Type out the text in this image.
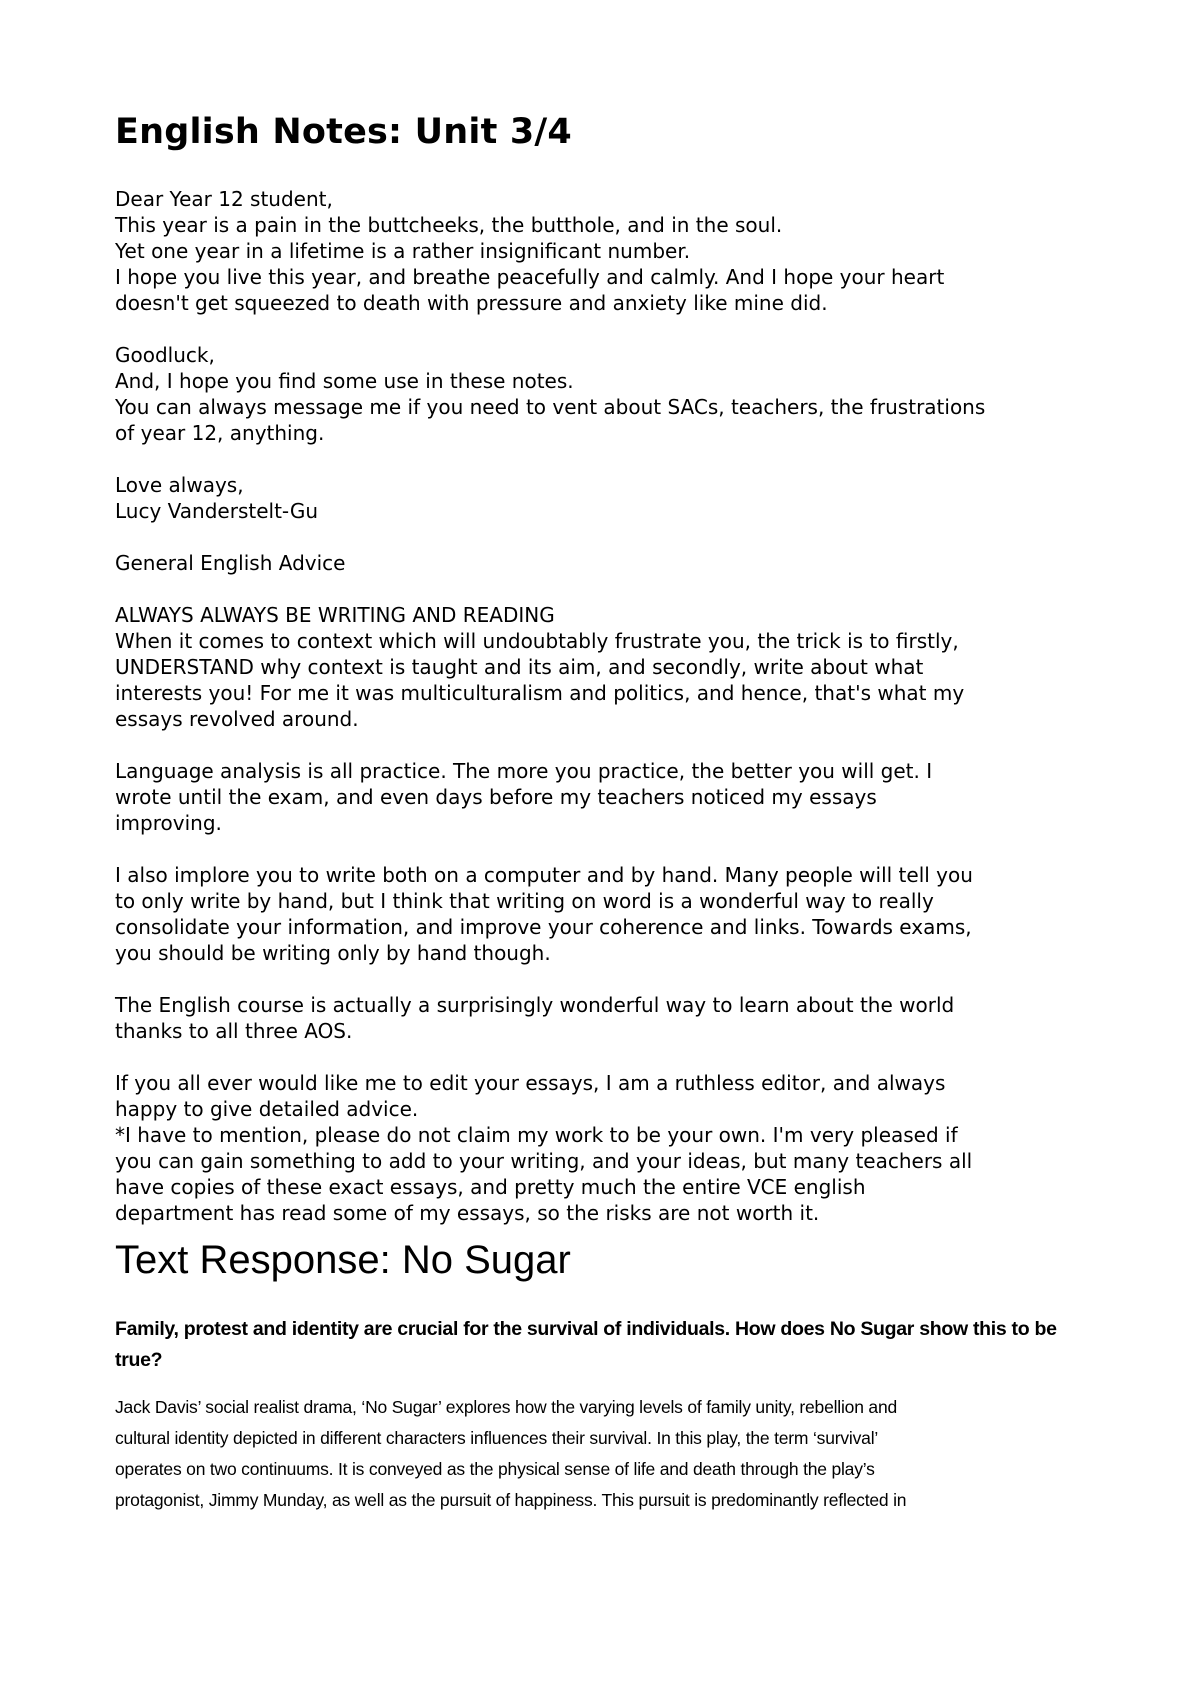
English Notes: Unit 3/4

Dear Year 12 student,
This year is a pain in the buttcheeks, the butthole, and in the soul.
Yet one year in a lifetime is a rather insignificant number.
I hope you live this year, and breathe peacefully and calmly. And I hope your heart
doesn't get squeezed to death with pressure and anxiety like mine did.

Goodluck,
And, I hope you find some use in these notes.
You can always message me if you need to vent about SACs, teachers, the frustrations
of year 12, anything.

Love always,
Lucy Vanderstelt-Gu

General English Advice

ALWAYS ALWAYS BE WRITING AND READING
When it comes to context which will undoubtably frustrate you, the trick is to firstly,
UNDERSTAND why context is taught and its aim, and secondly, write about what
interests you! For me it was multiculturalism and politics, and hence, that's what my
essays revolved around.

Language analysis is all practice. The more you practice, the better you will get. I
wrote until the exam, and even days before my teachers noticed my essays
improving.

I also implore you to write both on a computer and by hand. Many people will tell you
to only write by hand, but I think that writing on word is a wonderful way to really
consolidate your information, and improve your coherence and links. Towards exams,
you should be writing only by hand though.

The English course is actually a surprisingly wonderful way to learn about the world
thanks to all three AOS.

If you all ever would like me to edit your essays, I am a ruthless editor, and always
happy to give detailed advice.
*I have to mention, please do not claim my work to be your own. I'm very pleased if
you can gain something to add to your writing, and your ideas, but many teachers all
have copies of these exact essays, and pretty much the entire VCE english
department has read some of my essays, so the risks are not worth it.

Text Response: No Sugar

Family, protest and identity are crucial for the survival of individuals. How does No Sugar show this to be
true?

Jack Davis’ social realist drama, ‘No Sugar’ explores how the varying levels of family unity, rebellion and
cultural identity depicted in different characters influences their survival. In this play, the term ‘survival’
operates on two continuums. It is conveyed as the physical sense of life and death through the play’s
protagonist, Jimmy Munday, as well as the pursuit of happiness. This pursuit is predominantly reflected in
